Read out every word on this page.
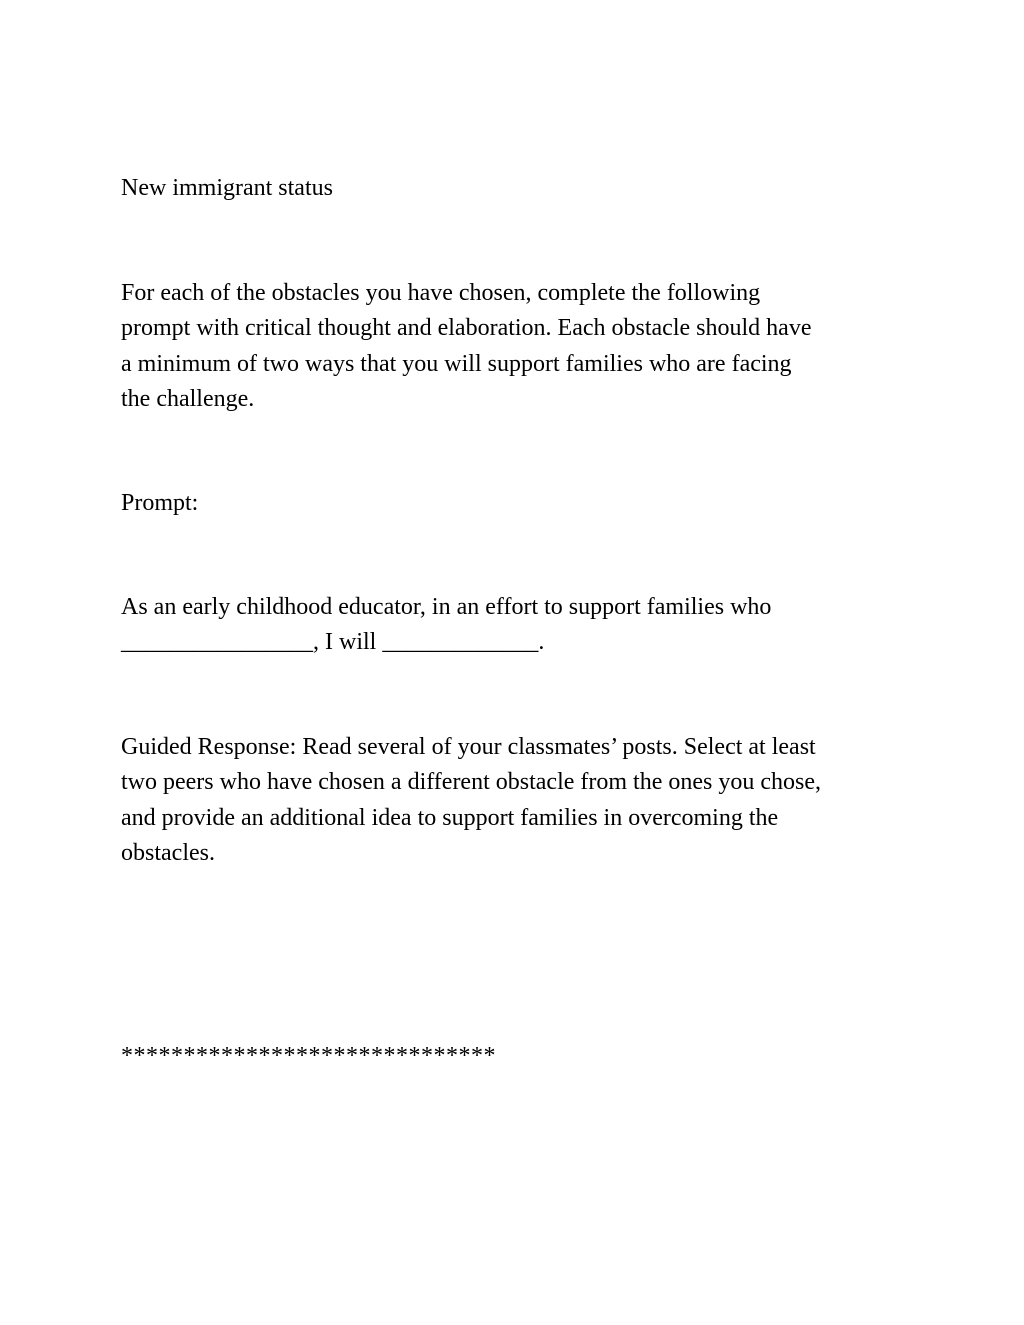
New immigrant status

For each of the obstacles you have chosen, complete the following
prompt with critical thought and elaboration. Each obstacle should have
a minimum of two ways that you will support families who are facing
the challenge.

Prompt:

As an early childhood educator, in an effort to support families who
________________, I will _____________.

Guided Response: Read several of your classmates’ posts. Select at least
two peers who have chosen a different obstacle from the ones you chose,
and provide an additional idea to support families in overcoming the
obstacles.

******************************
